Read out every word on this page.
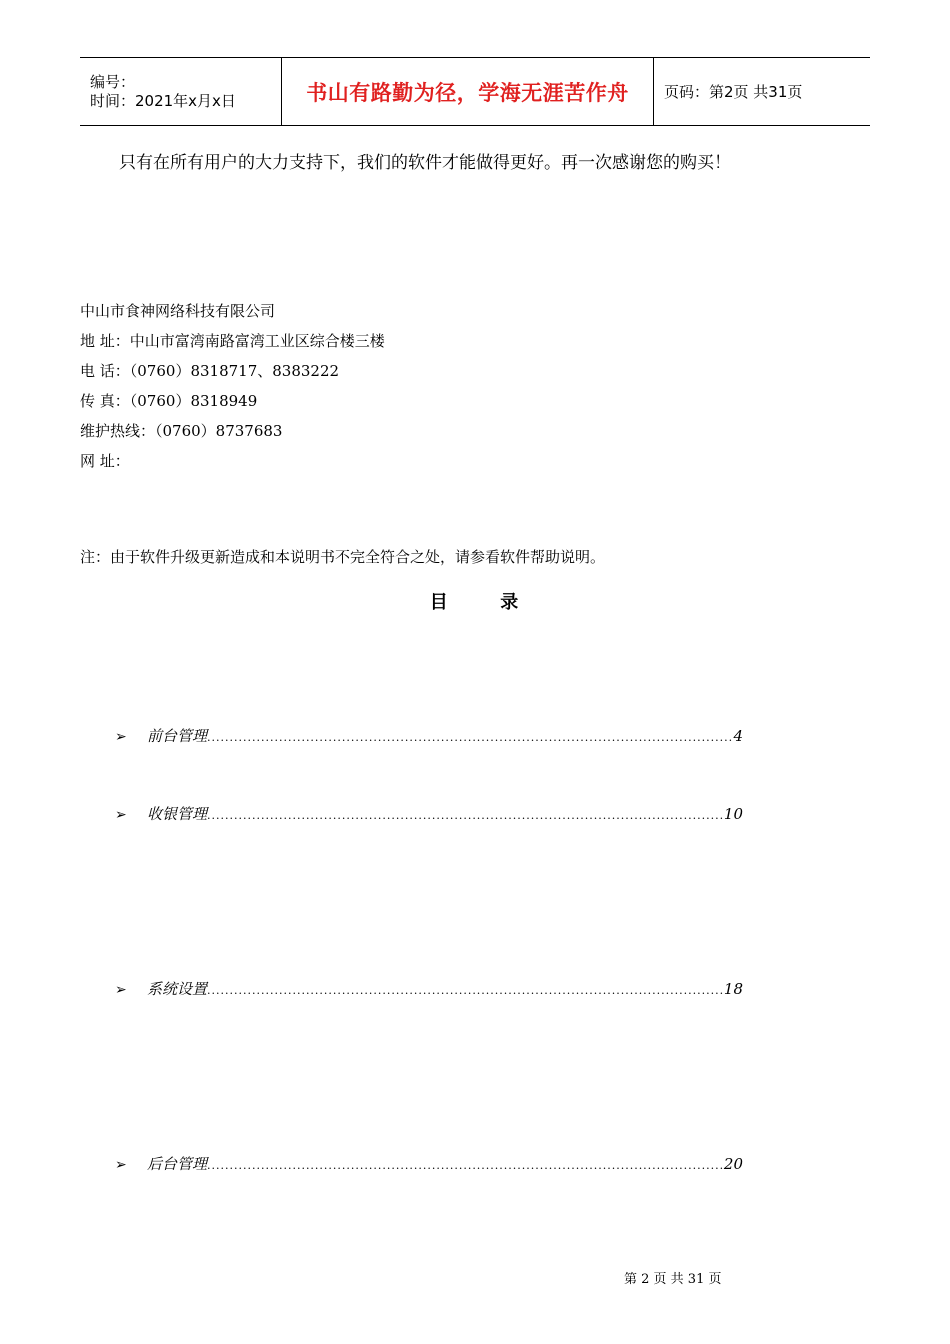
编号：
时间：2021年x月x日	书山有路勤为径，学海无涯苦作舟 页码：第2页 共31页
只有在所有用户的大力支持下，我们的软件才能做得更好。再一次感谢您的购买！
中山市食神网络科技有限公司
地 址：中山市富湾南路富湾工业区综合楼三楼
电 话：（0760）8318717、8383222
传 真：（0760）8318949
维护热线：（0760）8737683
网 址：
注：由于软件升级更新造成和本说明书不完全符合之处，请参看软件帮助说明。
目	录
➢	前台管理 .....	4
➢	收银管理 .....	10
➢	系统设置 .....	18
➢	后台管理 .....	20
第 2 页 共 31 页
